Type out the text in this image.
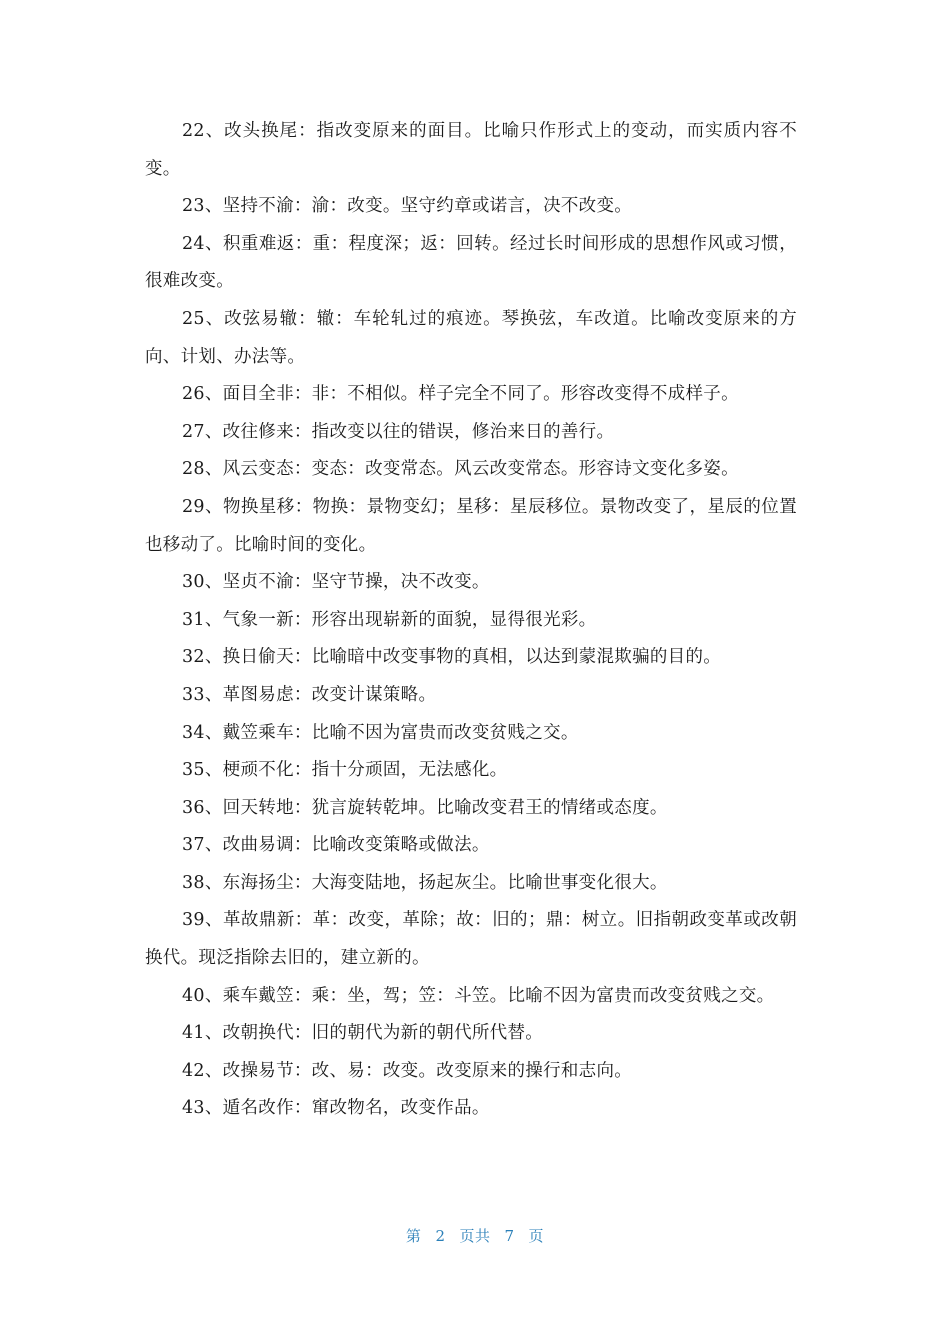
22、改头换尾：指改变原来的面目。比喻只作形式上的变动，而实质内容不变。

23、坚持不渝：渝：改变。坚守约章或诺言，决不改变。

24、积重难返：重：程度深；返：回转。经过长时间形成的思想作风或习惯，很难改变。

25、改弦易辙：辙：车轮轧过的痕迹。琴换弦，车改道。比喻改变原来的方向、计划、办法等。

26、面目全非：非：不相似。样子完全不同了。形容改变得不成样子。

27、改往修来：指改变以往的错误，修治来日的善行。

28、风云变态：变态：改变常态。风云改变常态。形容诗文变化多姿。

29、物换星移：物换：景物变幻；星移：星辰移位。景物改变了，星辰的位置也移动了。比喻时间的变化。

30、坚贞不渝：坚守节操，决不改变。

31、气象一新：形容出现崭新的面貌，显得很光彩。

32、换日偷天：比喻暗中改变事物的真相，以达到蒙混欺骗的目的。

33、革图易虑：改变计谋策略。

34、戴笠乘车：比喻不因为富贵而改变贫贱之交。

35、梗顽不化：指十分顽固，无法感化。

36、回天转地：犹言旋转乾坤。比喻改变君王的情绪或态度。

37、改曲易调：比喻改变策略或做法。

38、东海扬尘：大海变陆地，扬起灰尘。比喻世事变化很大。

39、革故鼎新：革：改变，革除；故：旧的；鼎：树立。旧指朝政变革或改朝换代。现泛指除去旧的，建立新的。

40、乘车戴笠：乘：坐，驾；笠：斗笠。比喻不因为富贵而改变贫贱之交。

41、改朝换代：旧的朝代为新的朝代所代替。

42、改操易节：改、易：改变。改变原来的操行和志向。

43、遁名改作：窜改物名，改变作品。

第 2 页共 7 页
